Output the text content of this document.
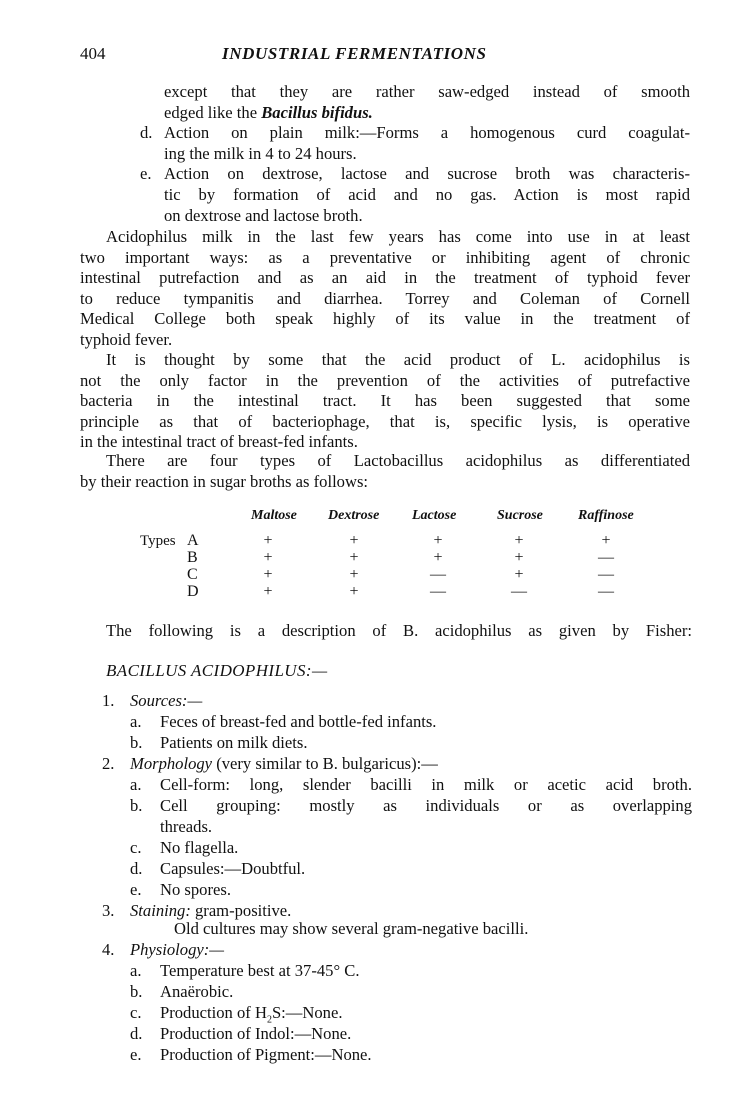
404	INDUSTRIAL FERMENTATIONS
except that they are rather saw-edged instead of smooth
edged like the Bacillus bifidus.
d. Action on plain milk:—Forms a homogenous curd coagulat-
ing the milk in 4 to 24 hours.
e. Action on dextrose, lactose and sucrose broth was characteris-
tic by formation of acid and no gas. Action is most rapid
on dextrose and lactose broth.
Acidophilus milk in the last few years has come into use in at least
two important ways: as a preventative or inhibiting agent of chronic
intestinal putrefaction and as an aid in the treatment of typhoid fever
to reduce tympanitis and diarrhea. Torrey and Coleman of Cornell
Medical College both speak highly of its value in the treatment of
typhoid fever.
It is thought by some that the acid product of L. acidophilus is
not the only factor in the prevention of the activities of putrefactive
bacteria in the intestinal tract. It has been suggested that some
principle as that of bacteriophage, that is, specific lysis, is operative
in the intestinal tract of breast-fed infants.
There are four types of Lactobacillus acidophilus as differentiated
by their reaction in sugar broths as follows:
Maltose Dextrose Lactose	Sucrose	Raffinose
Types A	+	+	+	+	+
B	+	+	+	+	—
C	+	+	—	+	—
D	+	+	—	—	—
The following is a description of B. acidophilus as given by Fisher:
BACILLUS ACIDOPHILUS:—
1. Sources:—
a. Feces of breast-fed and bottle-fed infants.
b. Patients on milk diets.
2. Morphology (very similar to B. bulgaricus):—
a. Cell-form: long, slender bacilli in milk or acetic acid broth.
b. Cell grouping: mostly as individuals or as overlapping
threads.
c. No flagella.
d. Capsules:—Doubtful.
e. No spores.
3. Staining: gram-positive.
Old cultures may show several gram-negative bacilli.
4. Physiology:—
a. Temperature best at 37-45° C.
b. Anaërobic.
c. Production of $H_2S:—None$.
d. Production of Indol:—None.
e. Production of Pigment:—None.
